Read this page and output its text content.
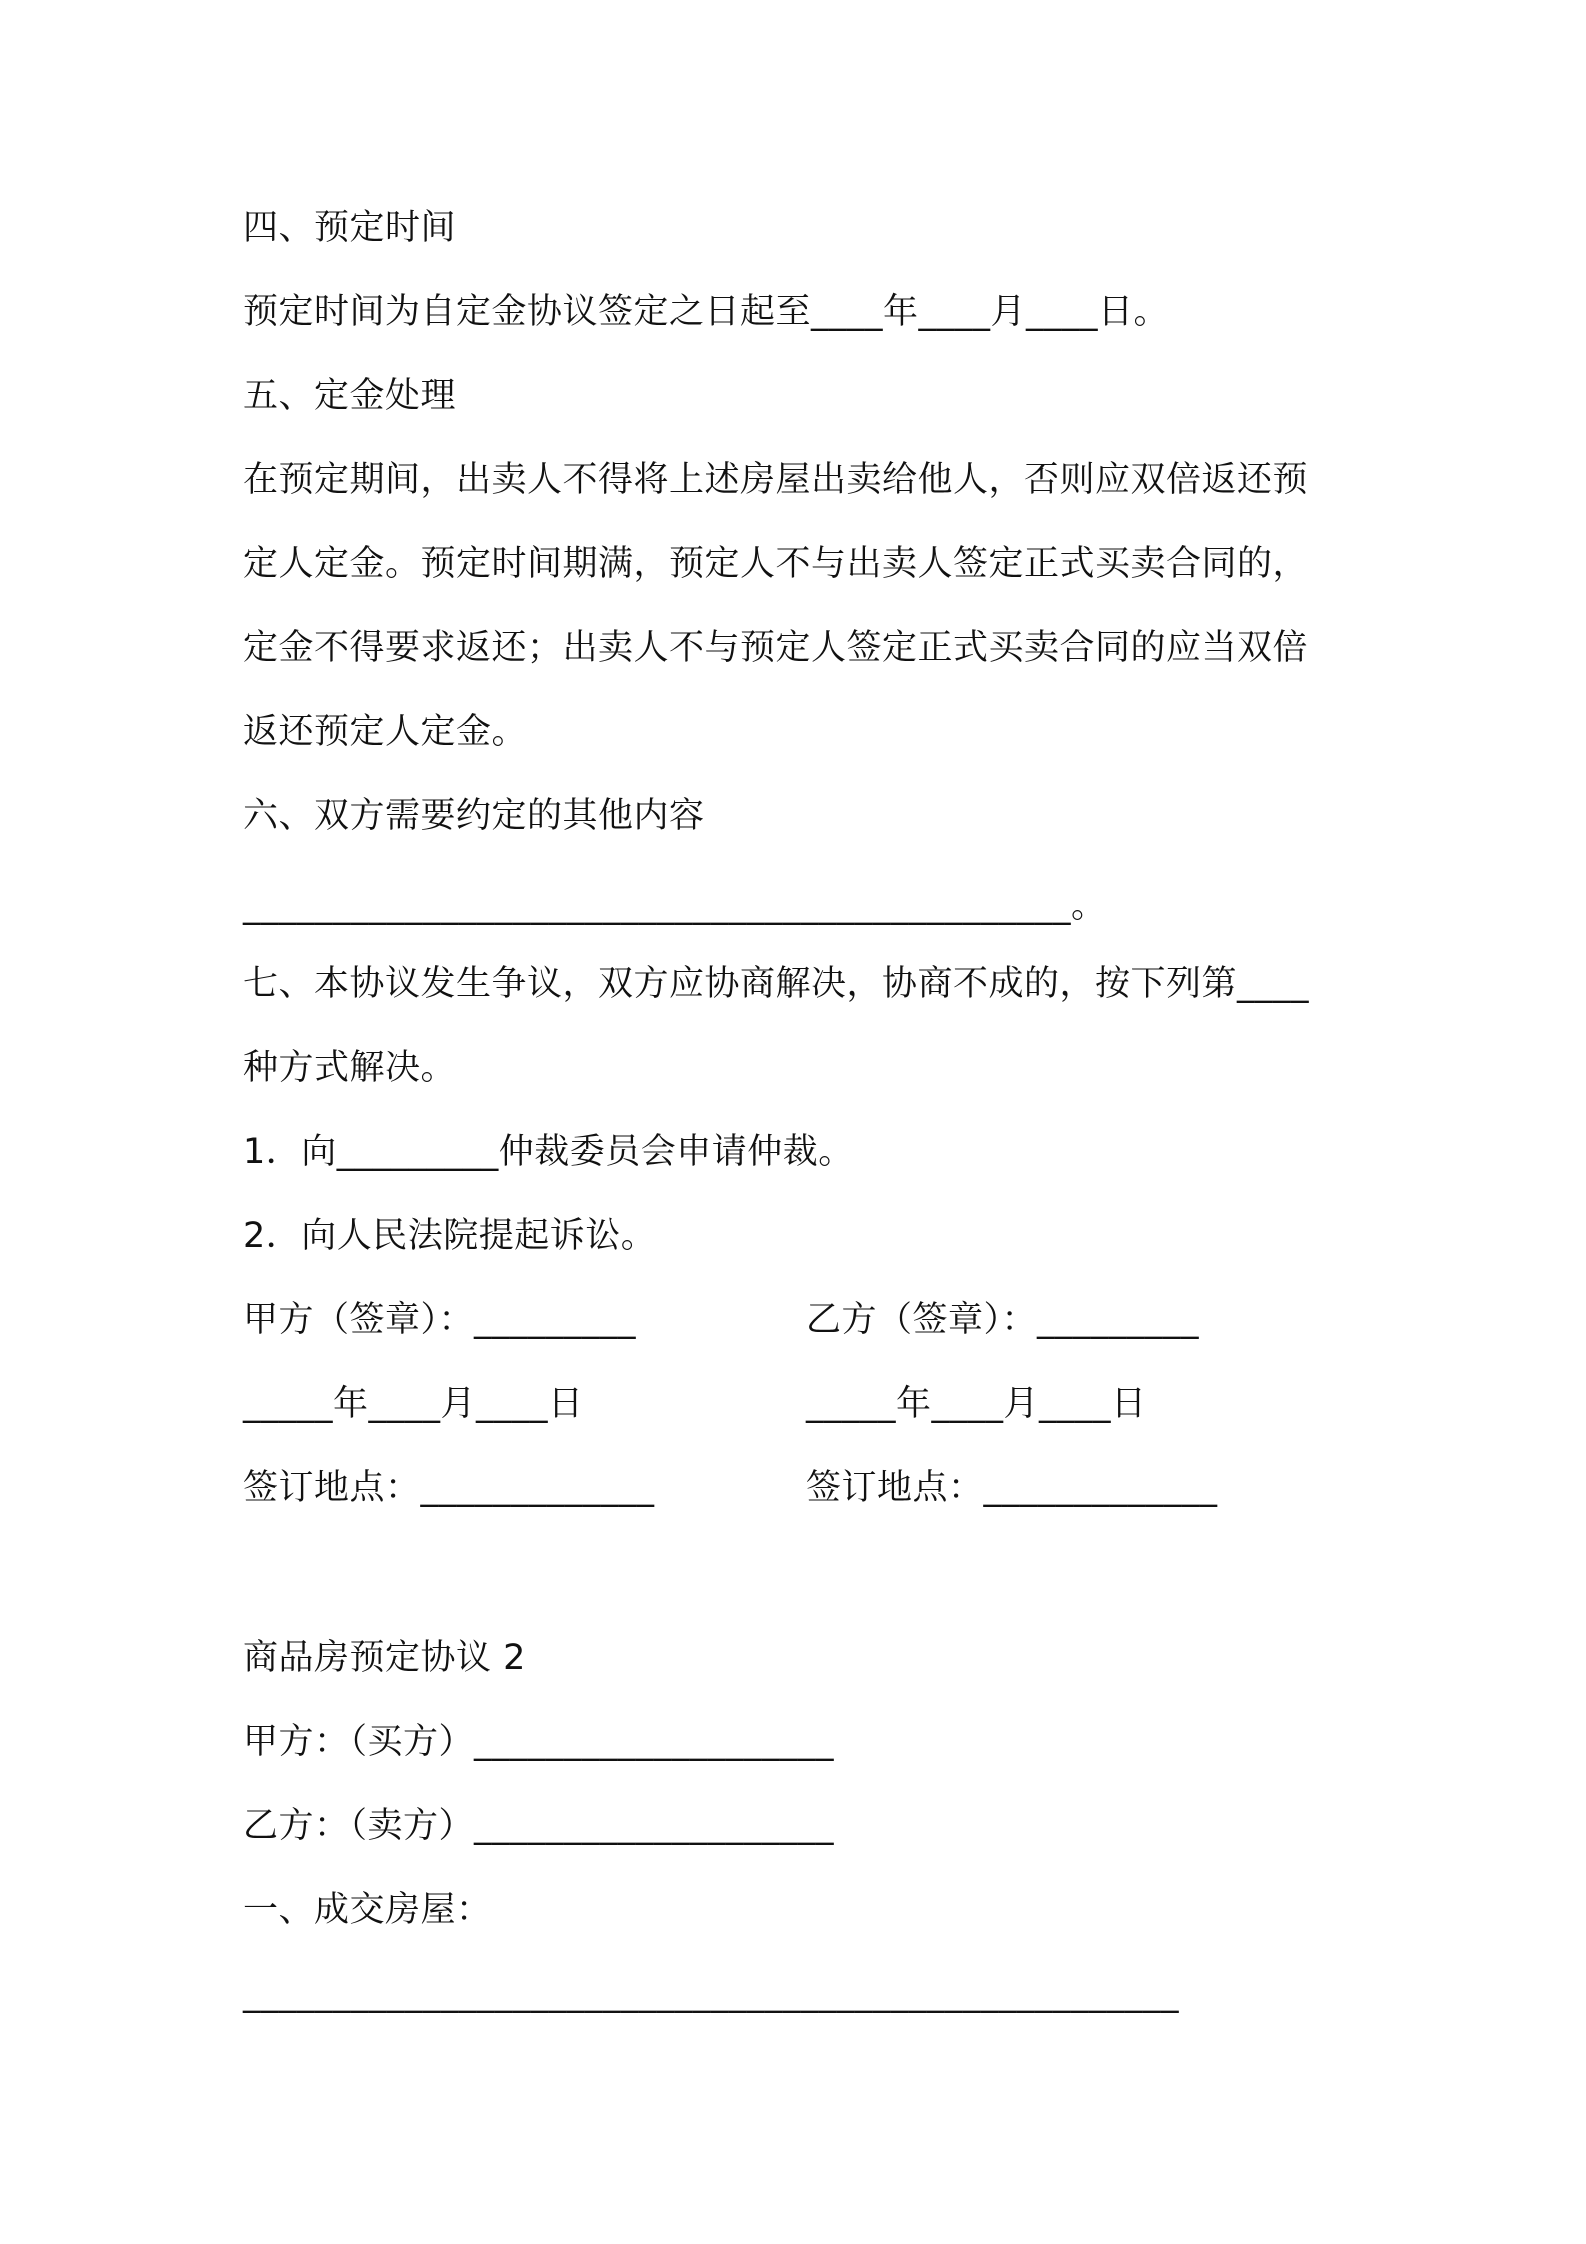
四、预定时间
预定时间为自定金协议签定之日起至____年____月____日。
五、定金处理
在预定期间，出卖人不得将上述房屋出卖给他人，否则应双倍返还预
定人定金。预定时间期满，预定人不与出卖人签定正式买卖合同的，
定金不得要求返还；出卖人不与预定人签定正式买卖合同的应当双倍
返还预定人定金。
六、双方需要约定的其他内容
______________________________________________。
七、本协议发生争议，双方应协商解决，协商不成的，按下列第____
种方式解决。
1．向_________仲裁委员会申请仲裁。
2．向人民法院提起诉讼。
甲方（签章）：_________	乙方（签章）：_________
_____年____月____日	_____年____月____日
签订地点：_____________	签订地点：_____________
商品房预定协议 2
甲方：（买方）____________________
乙方：（卖方）____________________
一、成交房屋：
____________________________________________________
